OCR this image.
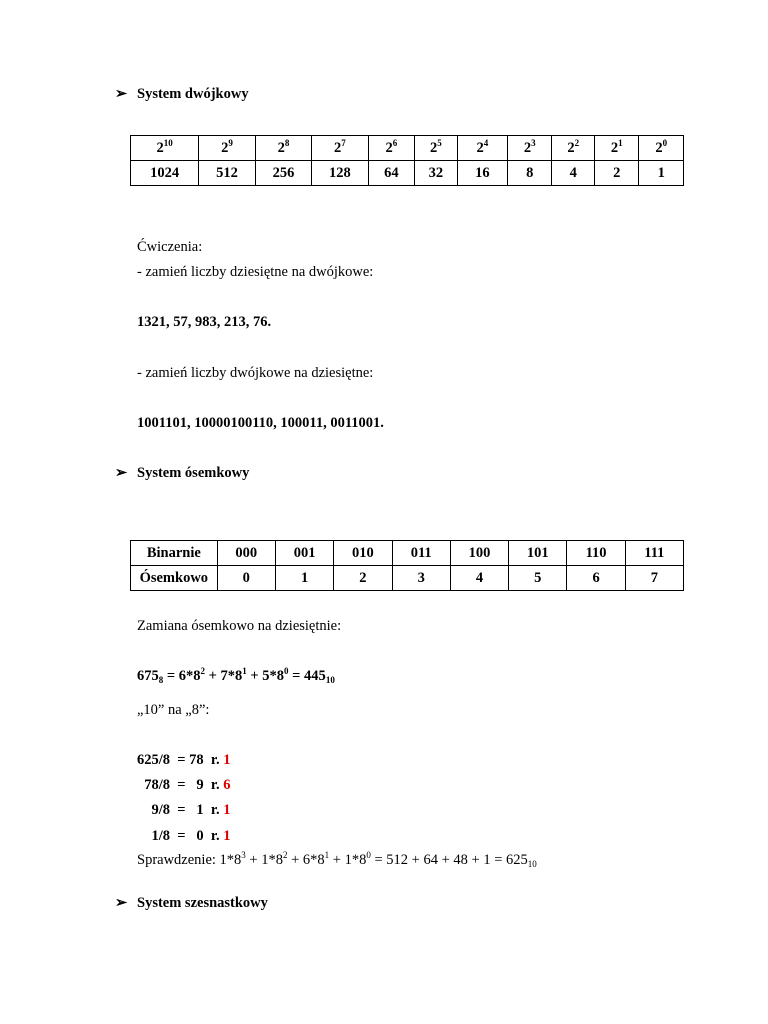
➢ System dwójkowy
$2^{10}$	$2^9$	$2^8$	$2^7$	$2^6$	$2^5$	$2^4$	$2^3$	$2^2$	$2^1$	$2^0$
1024	512	256	128	64	32	16	8	4	2	1
Ćwiczenia:
- zamień liczby dziesiętne na dwójkowe:
1321, 57, 983, 213, 76.
- zamień liczby dwójkowe na dziesiętne:
1001101, 10000100110, 100011, 0011001.
➢ System ósemkowy
Binarnie	000	001	010	011	100	101	110	111
Ósemkowo	0	1	2	3	4	5	6	7
Zamiana ósemkowo na dziesiętnie:
$675_8 = 6*8^2 + 7*8^1 + 5*8^0 = 445_{10}$
„10” na „8”:
625/8  = 78  r. 1
78/8  =   9  r. 6
9/8  =   1  r. 1
1/8  =   0  r. 1
Sprawdzenie: $1*8^3 + 1*8^2 + 6*8^1 + 1*8^0 = 512 + 64 + 48 + 1 = 625_{10}$
➢ System szesnastkowy
